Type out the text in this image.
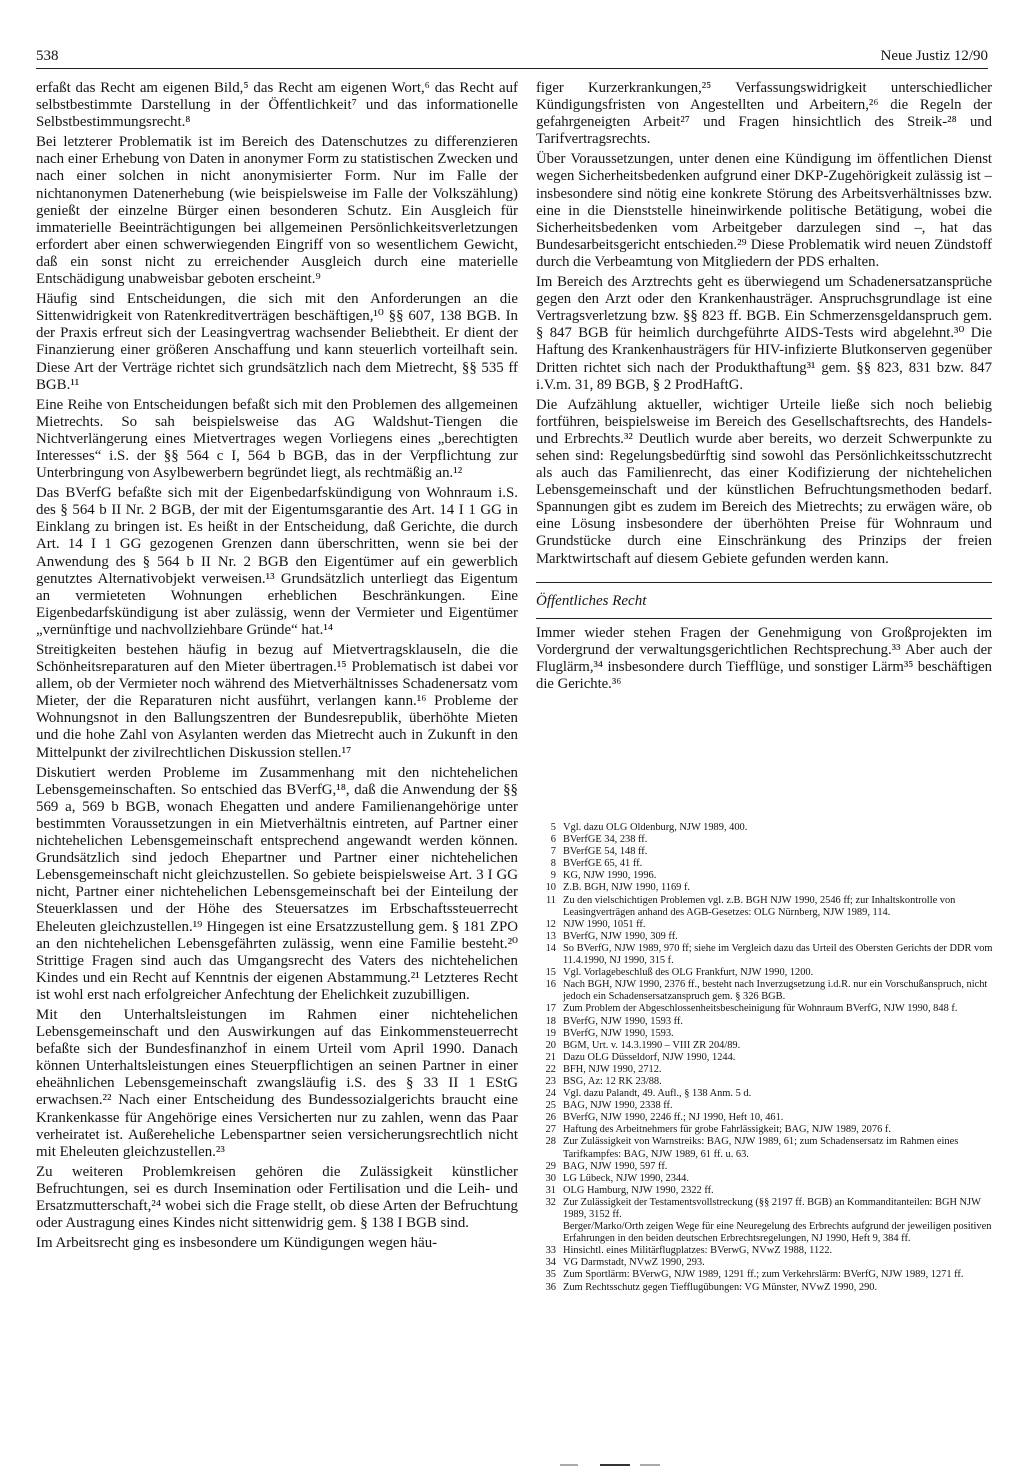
538	Neue Justiz 12/90

erfaßt das Recht am eigenen Bild,⁵ das Recht am eigenen Wort,⁶ das Recht auf selbstbestimmte Darstellung in der Öffentlichkeit⁷ und das informationelle Selbstbestimmungsrecht.⁸

Bei letzterer Problematik ist im Bereich des Datenschutzes zu differenzieren nach einer Erhebung von Daten in anonymer Form zu statistischen Zwecken und nach einer solchen in nicht anonymisierter Form. Nur im Falle der nichtanonymen Datenerhebung (wie beispielsweise im Falle der Volkszählung) genießt der einzelne Bürger einen besonderen Schutz. Ein Ausgleich für immaterielle Beeinträchtigungen bei allgemeinen Persönlichkeitsverletzungen erfordert aber einen schwerwiegenden Eingriff von so wesentlichem Gewicht, daß ein sonst nicht zu erreichender Ausgleich durch eine materielle Entschädigung unabweisbar geboten erscheint.⁹

Häufig sind Entscheidungen, die sich mit den Anforderungen an die Sittenwidrigkeit von Ratenkreditverträgen beschäftigen,¹⁰ §§ 607, 138 BGB. In der Praxis erfreut sich der Leasingvertrag wachsender Beliebtheit. Er dient der Finanzierung einer größeren Anschaffung und kann steuerlich vorteilhaft sein. Diese Art der Verträge richtet sich grundsätzlich nach dem Mietrecht, §§ 535 ff BGB.¹¹

Eine Reihe von Entscheidungen befaßt sich mit den Problemen des allgemeinen Mietrechts. So sah beispielsweise das AG Waldshut-Tiengen die Nichtverlängerung eines Mietvertrages wegen Vorliegens eines „berechtigten Interesses“ i.S. der §§ 564 c I, 564 b BGB, das in der Verpflichtung zur Unterbringung von Asylbewerbern begründet liegt, als rechtmäßig an.¹²

Das BVerfG befaßte sich mit der Eigenbedarfskündigung von Wohnraum i.S. des § 564 b II Nr. 2 BGB, der mit der Eigentumsgarantie des Art. 14 I 1 GG in Einklang zu bringen ist. Es heißt in der Entscheidung, daß Gerichte, die durch Art. 14 I 1 GG gezogenen Grenzen dann überschritten, wenn sie bei der Anwendung des § 564 b II Nr. 2 BGB den Eigentümer auf ein gewerblich genutztes Alternativobjekt verweisen.¹³ Grundsätzlich unterliegt das Eigentum an vermieteten Wohnungen erheblichen Beschränkungen. Eine Eigenbedarfskündigung ist aber zulässig, wenn der Vermieter und Eigentümer „vernünftige und nachvollziehbare Gründe“ hat.¹⁴

Streitigkeiten bestehen häufig in bezug auf Mietvertragsklauseln, die die Schönheitsreparaturen auf den Mieter übertragen.¹⁵ Problematisch ist dabei vor allem, ob der Vermieter noch während des Mietverhältnisses Schadenersatz vom Mieter, der die Reparaturen nicht ausführt, verlangen kann.¹⁶ Probleme der Wohnungsnot in den Ballungszentren der Bundesrepublik, überhöhte Mieten und die hohe Zahl von Asylanten werden das Mietrecht auch in Zukunft in den Mittelpunkt der zivilrechtlichen Diskussion stellen.¹⁷

Diskutiert werden Probleme im Zusammenhang mit den nichtehelichen Lebensgemeinschaften. So entschied das BVerfG,¹⁸, daß die Anwendung der §§ 569 a, 569 b BGB, wonach Ehegatten und andere Familienangehörige unter bestimmten Voraussetzungen in ein Mietverhältnis eintreten, auf Partner einer nichtehelichen Lebensgemeinschaft entsprechend angewandt werden können. Grundsätzlich sind jedoch Ehepartner und Partner einer nichtehelichen Lebensgemeinschaft nicht gleichzustellen. So gebiete beispielsweise Art. 3 I GG nicht, Partner einer nichtehelichen Lebensgemeinschaft bei der Einteilung der Steuerklassen und der Höhe des Steuersatzes im Erbschaftssteuerrecht Eheleuten gleichzustellen.¹⁹ Hingegen ist eine Ersatzzustellung gem. § 181 ZPO an den nichtehelichen Lebensgefährten zulässig, wenn eine Familie besteht.²⁰ Strittige Fragen sind auch das Umgangsrecht des Vaters des nichtehelichen Kindes und ein Recht auf Kenntnis der eigenen Abstammung.²¹ Letzteres Recht ist wohl erst nach erfolgreicher Anfechtung der Ehelichkeit zuzubilligen.

Mit den Unterhaltsleistungen im Rahmen einer nichtehelichen Lebensgemeinschaft und den Auswirkungen auf das Einkommensteuerrecht befaßte sich der Bundesfinanzhof in einem Urteil vom April 1990. Danach können Unterhaltsleistungen eines Steuerpflichtigen an seinen Partner in einer eheähnlichen Lebensgemeinschaft zwangsläufig i.S. des § 33 II 1 EStG erwachsen.²² Nach einer Entscheidung des Bundessozialgerichts braucht eine Krankenkasse für Angehörige eines Versicherten nur zu zahlen, wenn das Paar verheiratet ist. Außereheliche Lebenspartner seien versicherungsrechtlich nicht mit Eheleuten gleichzustellen.²³

Zu weiteren Problemkreisen gehören die Zulässigkeit künstlicher Befruchtungen, sei es durch Insemination oder Fertilisation und die Leih- und Ersatzmutterschaft,²⁴ wobei sich die Frage stellt, ob diese Arten der Befruchtung oder Austragung eines Kindes nicht sittenwidrig gem. § 138 I BGB sind.

Im Arbeitsrecht ging es insbesondere um Kündigungen wegen häu-

figer Kurzerkrankungen,²⁵ Verfassungswidrigkeit unterschiedlicher Kündigungsfristen von Angestellten und Arbeitern,²⁶ die Regeln der gefahrgeneigten Arbeit²⁷ und Fragen hinsichtlich des Streik-²⁸ und Tarifvertragsrechts.

Über Voraussetzungen, unter denen eine Kündigung im öffentlichen Dienst wegen Sicherheitsbedenken aufgrund einer DKP-Zugehörigkeit zulässig ist – insbesondere sind nötig eine konkrete Störung des Arbeitsverhältnisses bzw. eine in die Dienststelle hineinwirkende politische Betätigung, wobei die Sicherheitsbedenken vom Arbeitgeber darzulegen sind –, hat das Bundesarbeitsgericht entschieden.²⁹ Diese Problematik wird neuen Zündstoff durch die Verbeamtung von Mitgliedern der PDS erhalten.

Im Bereich des Arztrechts geht es überwiegend um Schadenersatzansprüche gegen den Arzt oder den Krankenhausträger. Anspruchsgrundlage ist eine Vertragsverletzung bzw. §§ 823 ff. BGB. Ein Schmerzensgeldanspruch gem. § 847 BGB für heimlich durchgeführte AIDS-Tests wird abgelehnt.³⁰ Die Haftung des Krankenhausträgers für HIV-infizierte Blutkonserven gegenüber Dritten richtet sich nach der Produkthaftung³¹ gem. §§ 823, 831 bzw. 847 i.V.m. 31, 89 BGB, § 2 ProdHaftG.

Die Aufzählung aktueller, wichtiger Urteile ließe sich noch beliebig fortführen, beispielsweise im Bereich des Gesellschaftsrechts, des Handels- und Erbrechts.³² Deutlich wurde aber bereits, wo derzeit Schwerpunkte zu sehen sind: Regelungsbedürftig sind sowohl das Persönlichkeitsschutzrecht als auch das Familienrecht, das einer Kodifizierung der nichtehelichen Lebensgemeinschaft und der künstlichen Befruchtungsmethoden bedarf. Spannungen gibt es zudem im Bereich des Mietrechts; zu erwägen wäre, ob eine Lösung insbesondere der überhöhten Preise für Wohnraum und Grundstücke durch eine Einschränkung des Prinzips der freien Marktwirtschaft auf diesem Gebiete gefunden werden kann.

Öffentliches Recht

Immer wieder stehen Fragen der Genehmigung von Großprojekten im Vordergrund der verwaltungsgerichtlichen Rechtsprechung.³³ Aber auch der Fluglärm,³⁴ insbesondere durch Tiefflüge, und sonstiger Lärm³⁵ beschäftigen die Gerichte.³⁶

5 Vgl. dazu OLG Oldenburg, NJW 1989, 400.
6 BVerfGE 34, 238 ff.
7 BVerfGE 54, 148 ff.
8 BVerfGE 65, 41 ff.
9 KG, NJW 1990, 1996.
10 Z.B. BGH, NJW 1990, 1169 f.
11 Zu den vielschichtigen Problemen vgl. z.B. BGH NJW 1990, 2546 ff; zur Inhaltskontrolle von Leasingverträgen anhand des AGB-Gesetzes: OLG Nürnberg, NJW 1989, 114.
12 NJW 1990, 1051 ff.
13 BVerfG, NJW 1990, 309 ff.
14 So BVerfG, NJW 1989, 970 ff; siehe im Vergleich dazu das Urteil des Obersten Gerichts der DDR vom 11.4.1990, NJ 1990, 315 f.
15 Vgl. Vorlagebeschluß des OLG Frankfurt, NJW 1990, 1200.
16 Nach BGH, NJW 1990, 2376 ff., besteht nach Inverzugsetzung i.d.R. nur ein Vorschußanspruch, nicht jedoch ein Schadensersatzanspruch gem. § 326 BGB.
17 Zum Problem der Abgeschlossenheitsbescheinigung für Wohnraum BVerfG, NJW 1990, 848 f.
18 BVerfG, NJW 1990, 1593 ff.
19 BVerfG, NJW 1990, 1593.
20 BGM, Urt. v. 14.3.1990 – VIII ZR 204/89.
21 Dazu OLG Düsseldorf, NJW 1990, 1244.
22 BFH, NJW 1990, 2712.
23 BSG, Az: 12 RK 23/88.
24 Vgl. dazu Palandt, 49. Aufl., § 138 Anm. 5 d.
25 BAG, NJW 1990, 2338 ff.
26 BVerfG, NJW 1990, 2246 ff.; NJ 1990, Heft 10, 461.
27 Haftung des Arbeitnehmers für grobe Fahrlässigkeit; BAG, NJW 1989, 2076 f.
28 Zur Zulässigkeit von Warnstreiks: BAG, NJW 1989, 61; zum Schadensersatz im Rahmen eines Tarifkampfes: BAG, NJW 1989, 61 ff. u. 63.
29 BAG, NJW 1990, 597 ff.
30 LG Lübeck, NJW 1990, 2344.
31 OLG Hamburg, NJW 1990, 2322 ff.
32 Zur Zulässigkeit der Testamentsvollstreckung (§§ 2197 ff. BGB) an Kommanditanteilen: BGH NJW 1989, 3152 ff.
Berger/Marko/Orth zeigen Wege für eine Neuregelung des Erbrechts aufgrund der jeweiligen positiven Erfahrungen in den beiden deutschen Erbrechtsregelungen, NJ 1990, Heft 9, 384 ff.
33 Hinsichtl. eines Militärflugplatzes: BVerwG, NVwZ 1988, 1122.
34 VG Darmstadt, NVwZ 1990, 293.
35 Zum Sportlärm: BVerwG, NJW 1989, 1291 ff.; zum Verkehrslärm: BVerfG, NJW 1989, 1271 ff.
36 Zum Rechtsschutz gegen Tiefflugübungen: VG Münster, NVwZ 1990, 290.
